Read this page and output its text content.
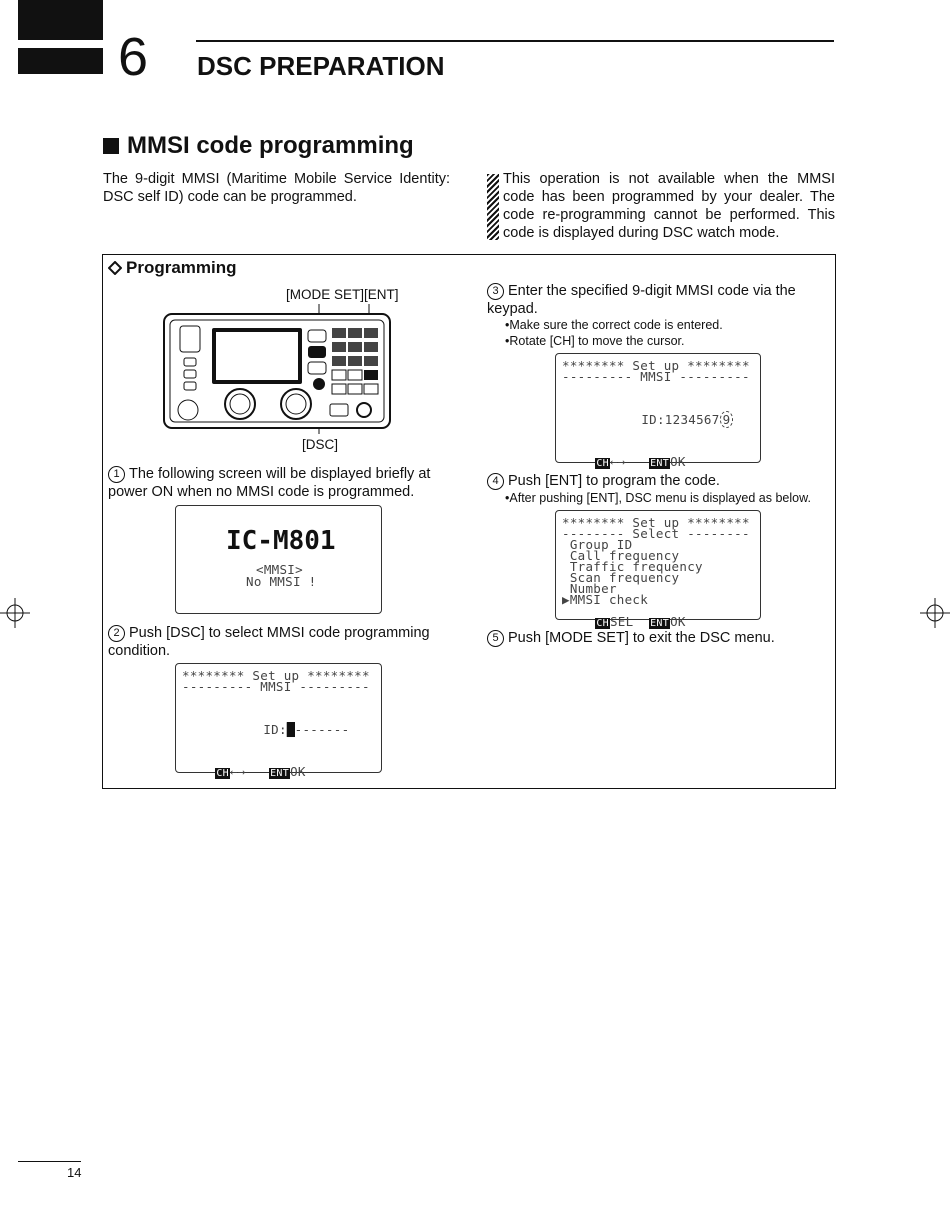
6 DSC PREPARATION
MMSI code programming
The 9-digit MMSI (Maritime Mobile Service Identity: DSC self ID) code can be programmed.
This operation is not available when the MMSI code has been programmed by your dealer. The code re-programming cannot be performed. This code is displayed during DSC watch mode.
Programming
[MODE SET][ENT]
[DSC]
1 The following screen will be displayed briefly at power ON when no MMSI code is programmed.
IC-M801
<MMSI>
No MMSI !
2 Push [DSC] to select MMSI code programming condition.
******** Set up ********
--------- MMSI ---------

ID:█-------

CH←→ ENTOK

3 Enter the specified 9-digit MMSI code via the keypad.
•Make sure the correct code is entered.
•Rotate [CH] to move the cursor.
******** Set up ********
--------- MMSI ---------

ID:1234567 9

CH←→ ENTOK

4 Push [ENT] to program the code.
•After pushing [ENT], DSC menu is displayed as below.
******** Set up ********
-------- Select --------
Group ID
Call frequency
Traffic frequency
Scan frequency
Number
▶MMSI check

CHSEL ENTOK

5 Push [MODE SET] to exit the DSC menu.
14
